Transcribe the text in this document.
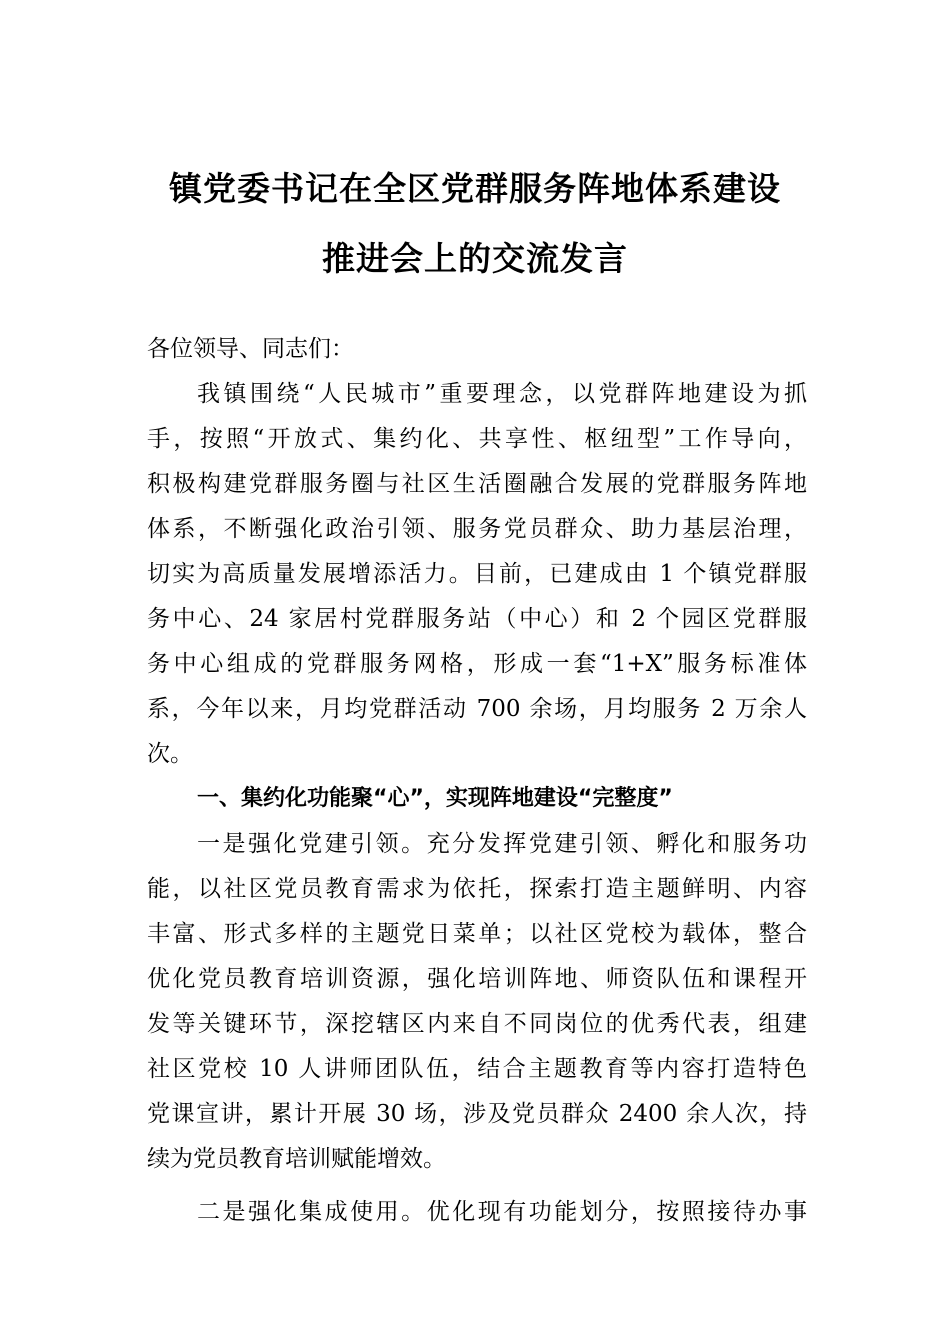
镇党委书记在全区党群服务阵地体系建设
推进会上的交流发言
各位领导、同志们：
我镇围绕“人民城市”重要理念，以党群阵地建设为抓
手，按照“开放式、集约化、共享性、枢纽型”工作导向，
积极构建党群服务圈与社区生活圈融合发展的党群服务阵地
体系，不断强化政治引领、服务党员群众、助力基层治理，
切实为高质量发展增添活力。目前，已建成由 1 个镇党群服
务中心、24 家居村党群服务站（中心）和 2 个园区党群服
务中心组成的党群服务网格，形成一套“1+X”服务标准体
系，今年以来，月均党群活动 700 余场，月均服务 2 万余人
次。
一、集约化功能聚“心”，实现阵地建设“完整度”
一是强化党建引领。充分发挥党建引领、孵化和服务功
能，以社区党员教育需求为依托，探索打造主题鲜明、内容
丰富、形式多样的主题党日菜单；以社区党校为载体，整合
优化党员教育培训资源，强化培训阵地、师资队伍和课程开
发等关键环节，深挖辖区内来自不同岗位的优秀代表，组建
社区党校 10 人讲师团队伍，结合主题教育等内容打造特色
党课宣讲，累计开展 30 场，涉及党员群众 2400 余人次，持
续为党员教育培训赋能增效。
二是强化集成使用。优化现有功能划分，按照接待办事
